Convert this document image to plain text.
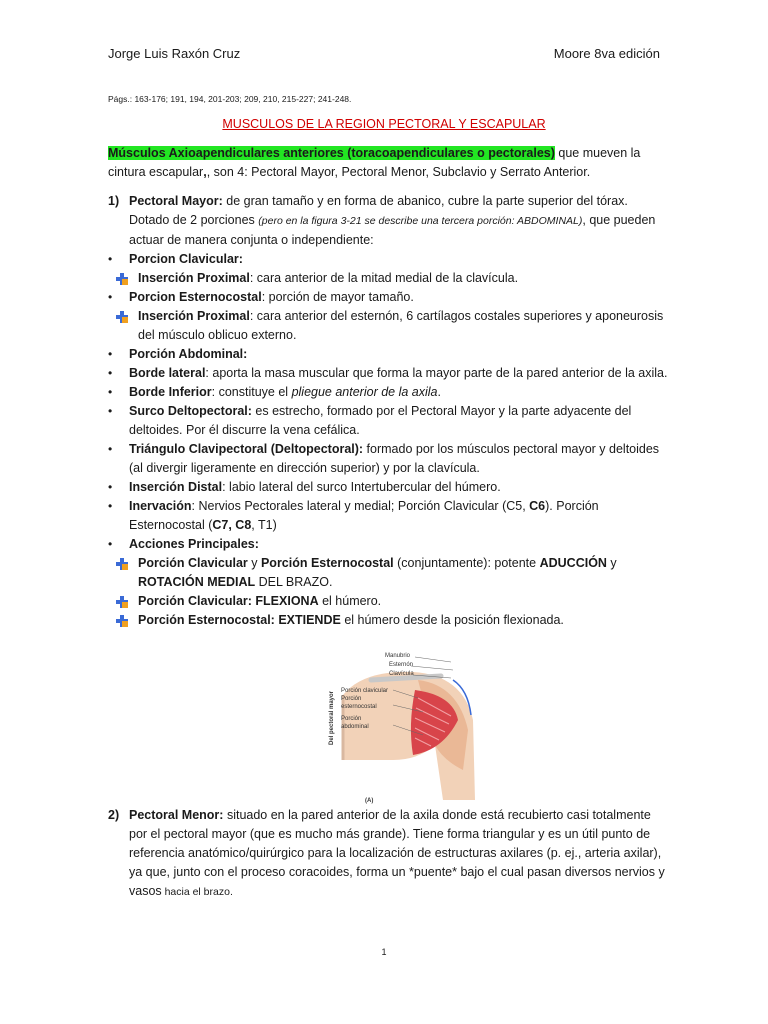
Jorge Luis Raxón Cruz	Moore 8va edición
Págs.: 163-176; 191, 194, 201-203; 209, 210, 215-227; 241-248.
MUSCULOS DE LA REGION PECTORAL Y ESCAPULAR
Músculos Axioapendiculares anteriores (toracoapendiculares o pectorales) que mueven la cintura escapular,, son 4: Pectoral Mayor, Pectoral Menor, Subclavio y Serrato Anterior.
1) Pectoral Mayor: de gran tamaño y en forma de abanico, cubre la parte superior del tórax. Dotado de 2 porciones (pero en la figura 3-21 se describe una tercera porción: ABDOMINAL), que pueden actuar de manera conjunta o independiente:
• Porcion Clavicular:
Inserción Proximal: cara anterior de la mitad medial de la clavícula.
• Porcion Esternocostal: porción de mayor tamaño.
Inserción Proximal: cara anterior del esternón, 6 cartílagos costales superiores y aponeurosis del músculo oblicuo externo.
• Porción Abdominal:
• Borde lateral: aporta la masa muscular que forma la mayor parte de la pared anterior de la axila.
• Borde Inferior: constituye el pliegue anterior de la axila.
• Surco Deltopectoral: es estrecho, formado por el Pectoral Mayor y la parte adyacente del deltoides. Por él discurre la vena cefálica.
• Triángulo Clavipectoral (Deltopectoral): formado por los músculos pectoral mayor y deltoides (al divergir ligeramente en dirección superior) y por la clavícula.
• Inserción Distal: labio lateral del surco Intertubercular del húmero.
• Inervación: Nervios Pectorales lateral y medial; Porción Clavicular (C5, C6). Porción Esternocostal (C7, C8, T1)
• Acciones Principales:
Porción Clavicular y Porción Esternocostal (conjuntamente): potente ADUCCIÓN y ROTACIÓN MEDIAL DEL BRAZO.
Porción Clavicular: FLEXIONA el húmero.
Porción Esternocostal: EXTIENDE el húmero desde la posición flexionada.
Manubrio
Esternón
Clavícula
Porción clavicular
Porción
esternocostal
Porción
abdominal
Del pectoral mayor
(A)
2) Pectoral Menor: situado en la pared anterior de la axila donde está recubierto casi totalmente por el pectoral mayor (que es mucho más grande). Tiene forma triangular y es un útil punto de referencia anatómico/quirúrgico para la localización de estructuras axilares (p. ej., arteria axilar), ya que, junto con el proceso coracoides, forma un *puente* bajo el cual pasan diversos nervios y vasos hacia el brazo.
1
